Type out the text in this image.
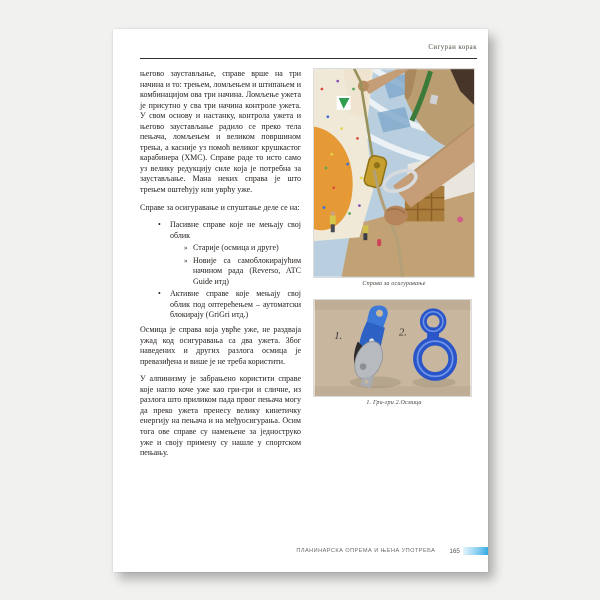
Сигуран корак

његово заустављање, справе врше на три начина и то: трењем, ломљењем и штипањем и комбинацијом ова три начина. Ломљење ужета је присутно у сва три начина контроле ужета. У свом основу и настанку, контрола ужета и његово заустављање радило се преко тела пењача, ломљењем и великом површином трења, а касније уз помоћ великог крушкастог карабинера (ХМС). Справе раде то исто само уз велику редукцију силе која је потребна за заустављање. Мана неких справа је што трењем оштећују или уврћу уже.

Справе за осигуравање и спуштање деле се на:

• Пасивне справе које не мењају свој облик
» Старије (осмица и друге)
» Новије са самоблокирајућим начином рада (Reverso, ATC Guide итд)
• Активне справе које мењају свој облик под оптерећењем – аутоматски блокирају (GriGri итд.)

Осмица је справа која уврће уже, не раздваја ужад код осигуравања са два ужета. Због наведених и других разлога осмица је превазиђена и више је не треба користити.

У алпинизму је забрањено користити справе које нагло коче уже као гри-гри и сличне, из разлога што приликом пада првог пењача могу да преко ужета пренесу велику кинетичку енергију на пењача и на међуосигурања. Осим тога ове справе су намењене за једноструко уже и своју примену су нашле у спортском пењању.

Справа за осигуравање
1.	2.
1. Гри-гри 2.Осмица
ПЛАНИНАРСКА ОПРЕМА И ЊЕНА УПОТРЕБА 165
